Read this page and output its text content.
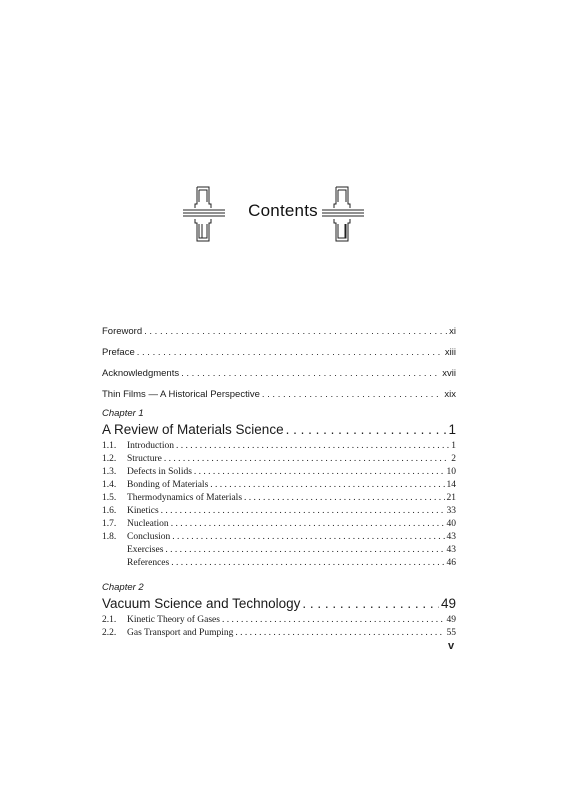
Contents
Foreword . . .	xi
Preface . . .	xiii
Acknowledgments . . .	xvii
Thin Films — A Historical Perspective . . .	xix
Chapter 1
A Review of Materials Science . . .	1
1.1. Introduction . . .	1
1.2. Structure . . .	2
1.3. Defects in Solids . . .	10
1.4. Bonding of Materials . . .	14
1.5. Thermodynamics of Materials . . .	21
1.6. Kinetics . . .	33
1.7. Nucleation . . .	40
1.8. Conclusion . . .	43
Exercises . . .	43
References . . .	46
Chapter 2
Vacuum Science and Technology . . .	49
2.1. Kinetic Theory of Gases . . .	49
2.2. Gas Transport and Pumping . . .	55
v
